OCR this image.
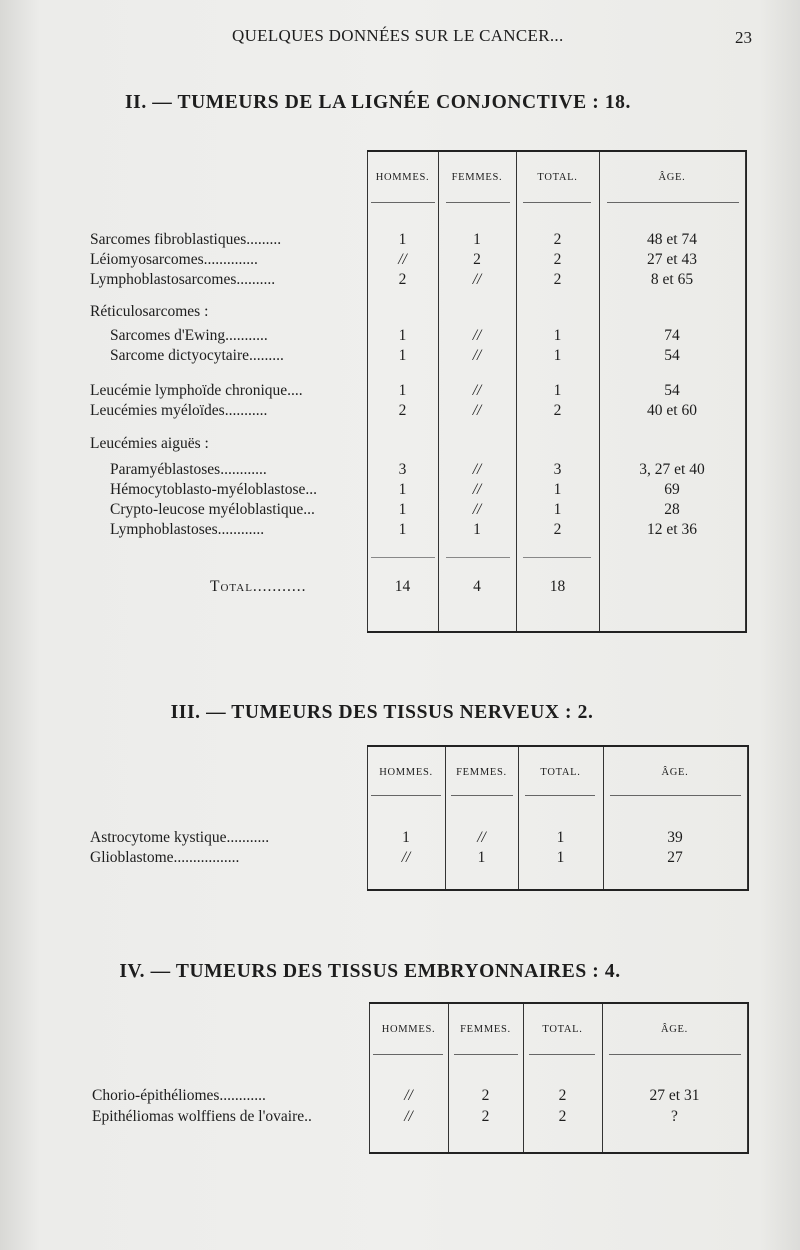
QUELQUES DONNÉES SUR LE CANCER...	23
II. — TUMEURS DE LA LIGNÉE CONJONCTIVE : 18.
HOMMES.	FEMMES.	TOTAL.	ÂGE.
Sarcomes fibroblastiques.........	1	1	2	48 et 74
Léiomyosarcomes..............	//	2	2	27 et 43
Lymphoblastosarcomes..........	2	//	2	8 et 65
Réticulosarcomes :
Sarcomes d'Ewing...........	1	//	1	74
Sarcome dictyocytaire.........	1	//	1	54
Leucémie lymphoïde chronique....	1	//	1	54
Leucémies myéloïdes...........	2	//	2	40 et 60
Leucémies aiguës :
Paramyéblastoses............	3	//	3	3, 27 et 40
Hémocytoblasto-myéloblastose...	1	//	1	69
Crypto-leucose myéloblastique...	1	//	1	28
Lymphoblastoses............	1	1	2	12 et 36
Total...........	14	4	18
III. — TUMEURS DES TISSUS NERVEUX : 2.
HOMMES.	FEMMES.	TOTAL.	ÂGE.
Astrocytome kystique...........	1	//	1	39
Glioblastome.................	//	1	1	27
IV. — TUMEURS DES TISSUS EMBRYONNAIRES : 4.
HOMMES.	FEMMES.	TOTAL.	ÂGE.
Chorio-épithéliomes............	//	2	2	27 et 31
Epithéliomas wolffiens de l'ovaire..	//	2	2	?
